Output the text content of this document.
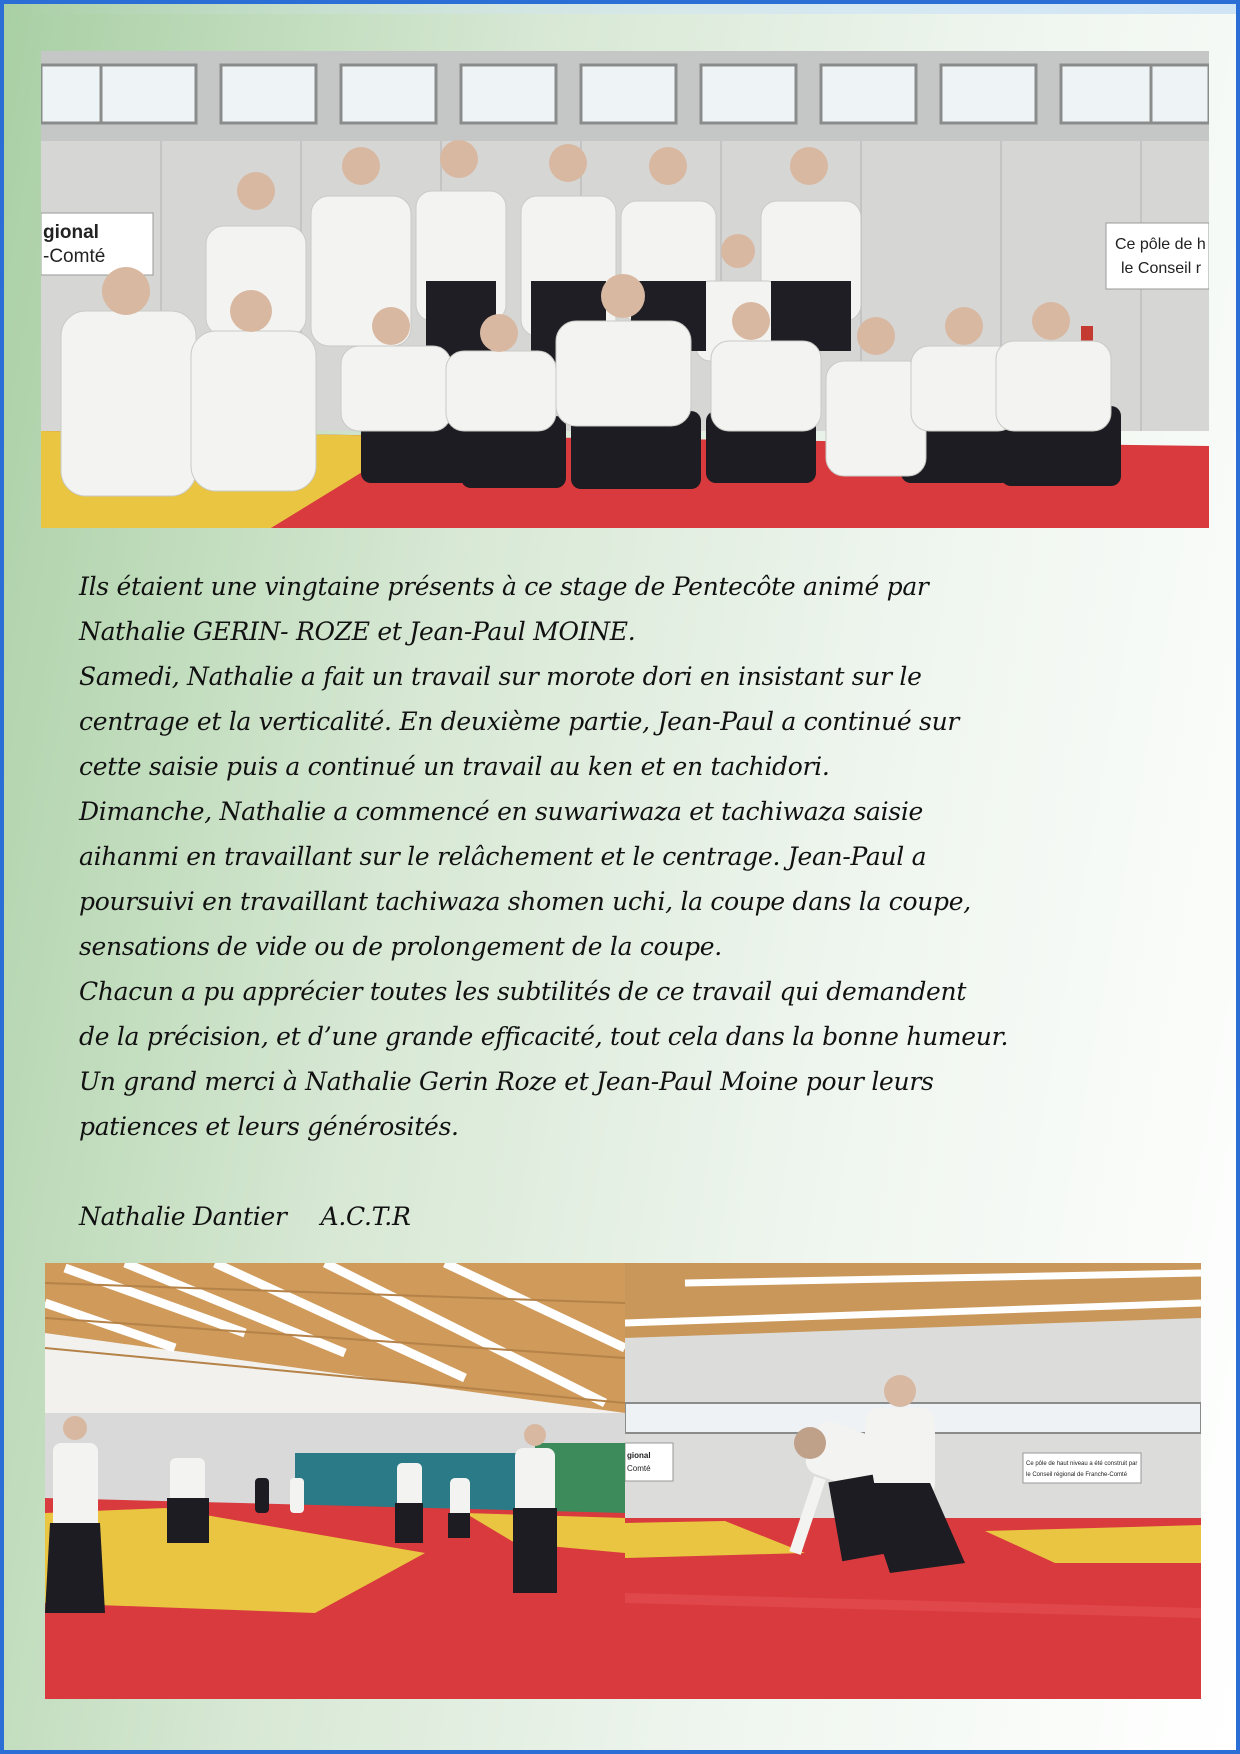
gional
-Comté
Ce pôle de h
le Conseil r

Ils étaient une vingtaine présents à ce stage de Pentecôte animé par

Nathalie GERIN- ROZE et Jean-Paul MOINE.

Samedi, Nathalie a fait un travail sur morote dori en insistant sur le

centrage et la verticalité. En deuxième partie, Jean-Paul a continué sur

cette saisie puis a continué un travail au ken et en tachidori.

Dimanche, Nathalie a commencé en suwariwaza et tachiwaza saisie

aihanmi en travaillant sur le relâchement et le centrage. Jean-Paul a

poursuivi en travaillant tachiwaza shomen uchi, la coupe dans la coupe,

sensations de vide ou de prolongement de la coupe.

Chacun a pu apprécier toutes les subtilités de ce travail qui demandent

de la précision, et d’une grande efficacité, tout cela dans la bonne humeur.

Un grand merci à Nathalie Gerin Roze et Jean-Paul Moine pour leurs

patiences et leurs générosités.

Nathalie Dantier A.C.T.R

gional
Comté	Ce pôle de haut niveau a été construit par
le Conseil régional de Franche-Comté
